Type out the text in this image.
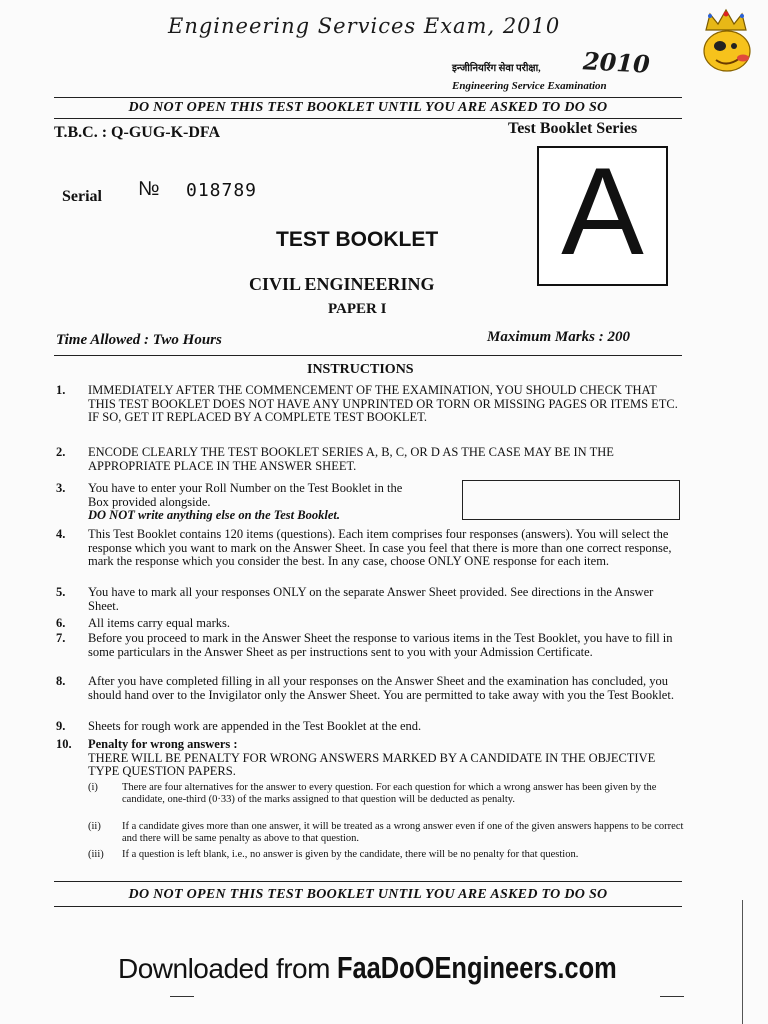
Engineering Services Exam, 2010
2010
इन्जीनियरिंग सेवा परीक्षा,
Engineering Service Examination
DO NOT OPEN THIS TEST BOOKLET UNTIL YOU ARE ASKED TO DO SO
T.B.C. : Q-GUG-K-DFA	Test Booklet Series
A
Serial № 018789
TEST BOOKLET
CIVIL ENGINEERING
PAPER I
Time Allowed : Two Hours	Maximum Marks : 200
INSTRUCTIONS
1. IMMEDIATELY AFTER THE COMMENCEMENT OF THE EXAMINATION, YOU SHOULD CHECK THAT THIS TEST BOOKLET DOES NOT HAVE ANY UNPRINTED OR TORN OR MISSING PAGES OR ITEMS ETC. IF SO, GET IT REPLACED BY A COMPLETE TEST BOOKLET.
2. ENCODE CLEARLY THE TEST BOOKLET SERIES A, B, C, OR D AS THE CASE MAY BE IN THE APPROPRIATE PLACE IN THE ANSWER SHEET.
3. You have to enter your Roll Number on the Test Booklet in the Box provided alongside.
DO NOT write anything else on the Test Booklet.
4. This Test Booklet contains 120 items (questions). Each item comprises four responses (answers). You will select the response which you want to mark on the Answer Sheet. In case you feel that there is more than one correct response, mark the response which you consider the best. In any case, choose ONLY ONE response for each item.
5. You have to mark all your responses ONLY on the separate Answer Sheet provided. See directions in the Answer Sheet.
6. All items carry equal marks.
7. Before you proceed to mark in the Answer Sheet the response to various items in the Test Booklet, you have to fill in some particulars in the Answer Sheet as per instructions sent to you with your Admission Certificate.
8. After you have completed filling in all your responses on the Answer Sheet and the examination has concluded, you should hand over to the Invigilator only the Answer Sheet. You are permitted to take away with you the Test Booklet.
9. Sheets for rough work are appended in the Test Booklet at the end.
10. Penalty for wrong answers :
THERE WILL BE PENALTY FOR WRONG ANSWERS MARKED BY A CANDIDATE IN THE OBJECTIVE TYPE QUESTION PAPERS.
(i) There are four alternatives for the answer to every question. For each question for which a wrong answer has been given by the candidate, one-third (0·33) of the marks assigned to that question will be deducted as penalty.
(ii) If a candidate gives more than one answer, it will be treated as a wrong answer even if one of the given answers happens to be correct and there will be same penalty as above to that question.
(iii) If a question is left blank, i.e., no answer is given by the candidate, there will be no penalty for that question.
DO NOT OPEN THIS TEST BOOKLET UNTIL YOU ARE ASKED TO DO SO
Downloaded from FaaDoOEngineers.com
